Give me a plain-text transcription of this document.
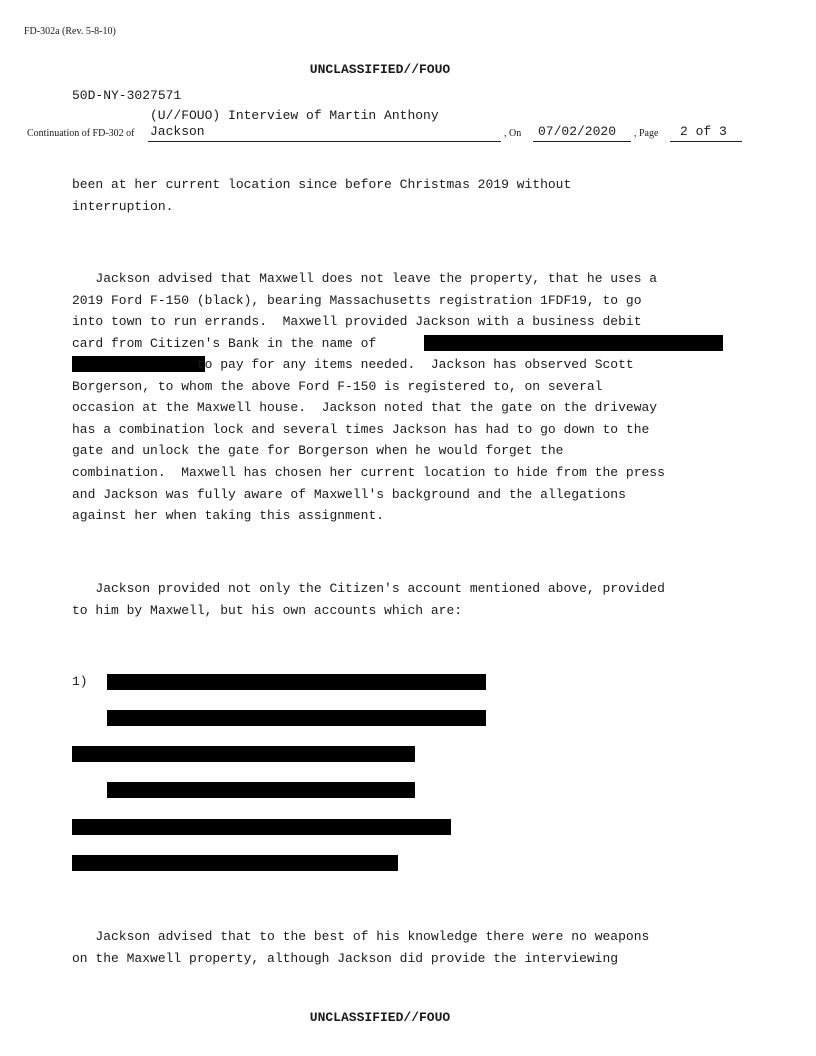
FD-302a (Rev. 5-8-10)
UNCLASSIFIED//FOUO
50D-NY-3027571
(U//FOUO) Interview of Martin Anthony
Continuation of FD-302 of Jackson	, On 07/02/2020 , Page 2 of 3
been at her current location since before Christmas 2019 without
interruption.
Jackson advised that Maxwell does not leave the property, that he uses a
2019 Ford F-150 (black), bearing Massachusetts registration 1FDF19, to go
into town to run errands.  Maxwell provided Jackson with a business debit
card from Citizen's Bank in the name of
to pay for any items needed.  Jackson has observed Scott
Borgerson, to whom the above Ford F-150 is registered to, on several
occasion at the Maxwell house.  Jackson noted that the gate on the driveway
has a combination lock and several times Jackson has had to go down to the
gate and unlock the gate for Borgerson when he would forget the
combination.  Maxwell has chosen her current location to hide from the press
and Jackson was fully aware of Maxwell's background and the allegations
against her when taking this assignment.
Jackson provided not only the Citizen's account mentioned above, provided
to him by Maxwell, but his own accounts which are:
1)
Jackson advised that to the best of his knowledge there were no weapons
on the Maxwell property, although Jackson did provide the interviewing
UNCLASSIFIED//FOUO
